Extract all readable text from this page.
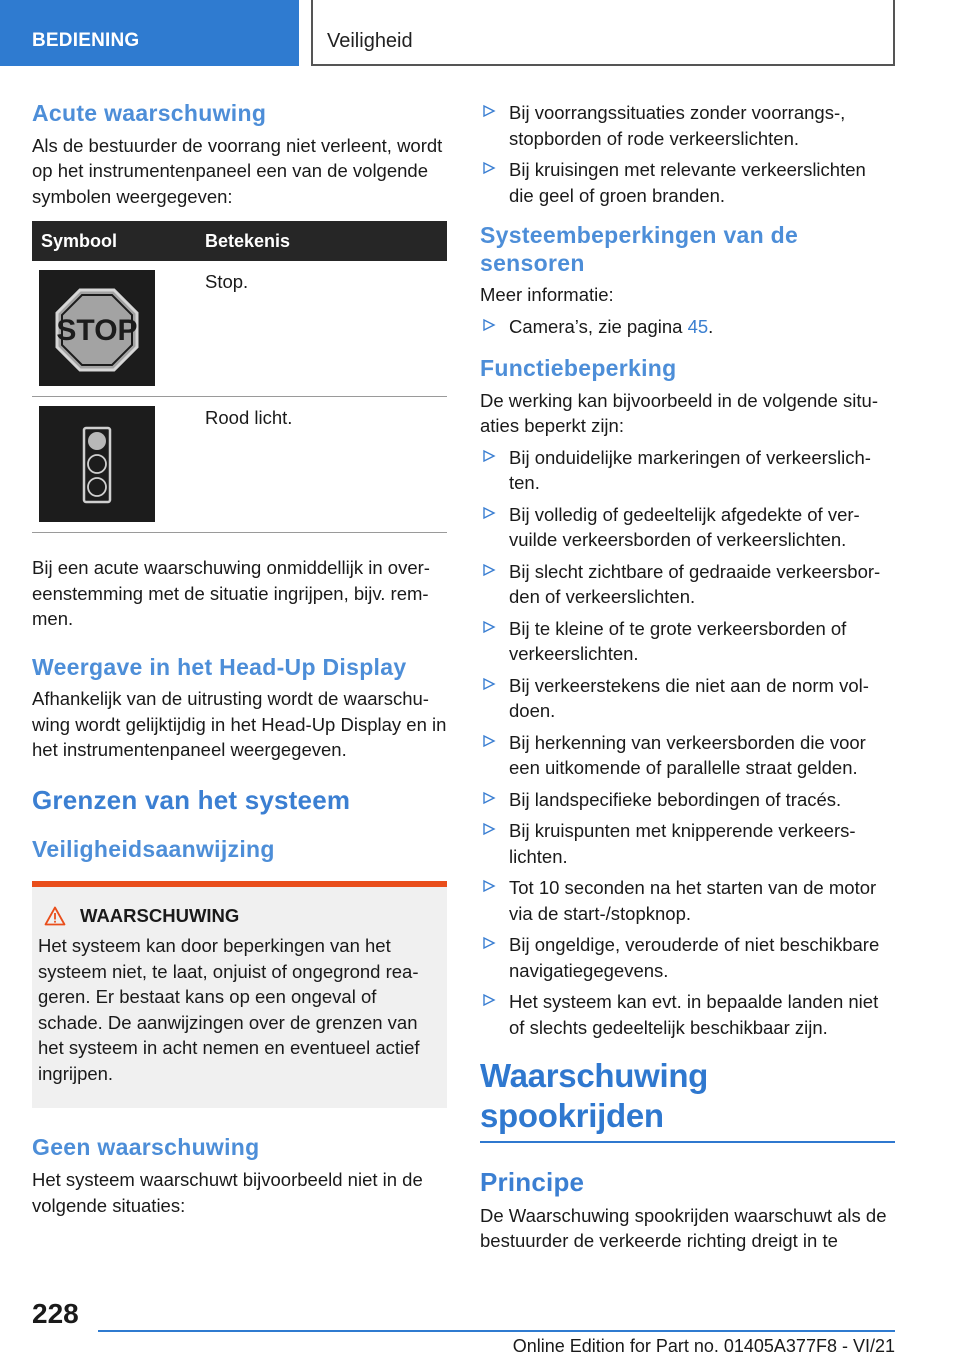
BEDIENING	Veiligheid
Acute waarschuwing
Als de bestuurder de voorrang niet verleent, wordt op het instrumentenpaneel een van de volgende symbolen weergegeven:
Symbool	Betekenis
STOP
Stop.
Rood licht.
Bij een acute waarschuwing onmiddellijk in over-eenstemming met de situatie ingrijpen, bijv. rem-men.
Weergave in het Head-Up Display
Afhankelijk van de uitrusting wordt de waarschu-wing wordt gelijktijdig in het Head-Up Display en in het instrumentenpaneel weergegeven.
Grenzen van het systeem
Veiligheidsaanwijzing
WAARSCHUWING
Het systeem kan door beperkingen van het systeem niet, te laat, onjuist of ongegrond rea-geren. Er bestaat kans op een ongeval of schade. De aanwijzingen over de grenzen van het systeem in acht nemen en eventueel actief ingrijpen.
Geen waarschuwing
Het systeem waarschuwt bijvoorbeeld niet in de volgende situaties:
Bij voorrangssituaties zonder voorrangs-, stopborden of rode verkeerslichten.
Bij kruisingen met relevante verkeerslichten die geel of groen branden.
Systeembeperkingen van de sensoren
Meer informatie:
Camera’s, zie pagina 45.
Functiebeperking
De werking kan bijvoorbeeld in de volgende situ-aties beperkt zijn:
Bij onduidelijke markeringen of verkeerslich-ten.
Bij volledig of gedeeltelijk afgedekte of ver-vuilde verkeersborden of verkeerslichten.
Bij slecht zichtbare of gedraaide verkeersbor-den of verkeerslichten.
Bij te kleine of te grote verkeersborden of verkeerslichten.
Bij verkeerstekens die niet aan de norm vol-doen.
Bij herkenning van verkeersborden die voor een uitkomende of parallelle straat gelden.
Bij landspecifieke bebordingen of tracés.
Bij kruispunten met knipperende verkeers-lichten.
Tot 10 seconden na het starten van de motor via de start-/stopknop.
Bij ongeldige, verouderde of niet beschikbare navigatiegegevens.
Het systeem kan evt. in bepaalde landen niet of slechts gedeeltelijk beschikbaar zijn.
Waarschuwing spookrijden
Principe
De Waarschuwing spookrijden waarschuwt als de bestuurder de verkeerde richting dreigt in te
228
Online Edition for Part no. 01405A377F8 - VI/21
